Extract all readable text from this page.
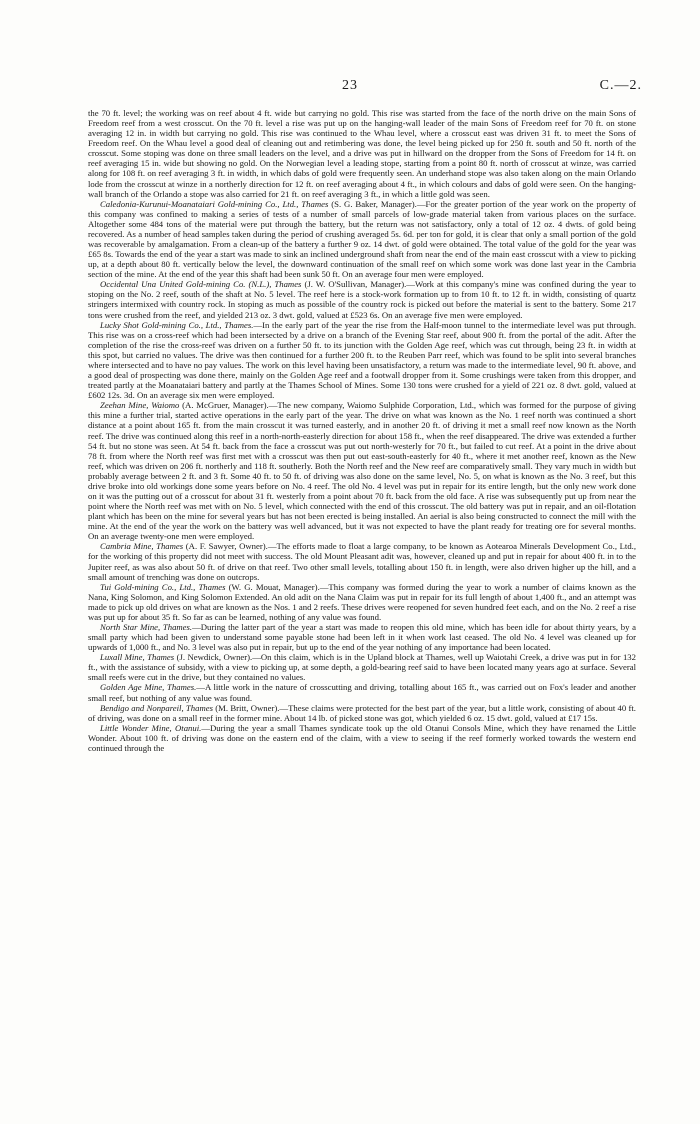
23	C.—2.

the 70 ft. level; the working was on reef about 4 ft. wide but carrying no gold. This rise was started from the face of the north drive on the main Sons of Freedom reef from a west crosscut. On the 70 ft. level a rise was put up on the hanging-wall leader of the main Sons of Freedom reef for 70 ft. on stone averaging 12 in. in width but carrying no gold. This rise was continued to the Whau level, where a crosscut east was driven 31 ft. to meet the Sons of Freedom reef. On the Whau level a good deal of cleaning out and retimbering was done, the level being picked up for 250 ft. south and 50 ft. north of the crosscut. Some stoping was done on three small leaders on the level, and a drive was put in hillward on the dropper from the Sons of Freedom for 14 ft. on reef averaging 15 in. wide but showing no gold. On the Norwegian level a leading stope, starting from a point 80 ft. north of crosscut at winze, was carried along for 108 ft. on reef averaging 3 ft. in width, in which dabs of gold were frequently seen. An underhand stope was also taken along on the main Orlando lode from the crosscut at winze in a northerly direction for 12 ft. on reef averaging about 4 ft., in which colours and dabs of gold were seen. On the hanging-wall branch of the Orlando a stope was also carried for 21 ft. on reef averaging 3 ft., in which a little gold was seen.

Caledonia-Kurunui-Moanataiari Gold-mining Co., Ltd., Thames (S. G. Baker, Manager).—For the greater portion of the year work on the property of this company was confined to making a series of tests of a number of small parcels of low-grade material taken from various places on the surface. Altogether some 484 tons of the material were put through the battery, but the return was not satisfactory, only a total of 12 oz. 4 dwts. of gold being recovered. As a number of head samples taken during the period of crushing averaged 5s. 6d. per ton for gold, it is clear that only a small portion of the gold was recoverable by amalgamation. From a clean-up of the battery a further 9 oz. 14 dwt. of gold were obtained. The total value of the gold for the year was £65 8s. Towards the end of the year a start was made to sink an inclined underground shaft from near the end of the main east crosscut with a view to picking up, at a depth about 80 ft. vertically below the level, the downward continuation of the small reef on which some work was done last year in the Cambria section of the mine. At the end of the year this shaft had been sunk 50 ft. On an average four men were employed.

Occidental Una United Gold-mining Co. (N.L.), Thames (J. W. O'Sullivan, Manager).—Work at this company's mine was confined during the year to stoping on the No. 2 reef, south of the shaft at No. 5 level. The reef here is a stock-work formation up to from 10 ft. to 12 ft. in width, consisting of quartz stringers intermixed with country rock. In stoping as much as possible of the country rock is picked out before the material is sent to the battery. Some 217 tons were crushed from the reef, and yielded 213 oz. 3 dwt. gold, valued at £523 6s. On an average five men were employed.

Lucky Shot Gold-mining Co., Ltd., Thames.—In the early part of the year the rise from the Half-moon tunnel to the intermediate level was put through. This rise was on a cross-reef which had been intersected by a drive on a branch of the Evening Star reef, about 900 ft. from the portal of the adit. After the completion of the rise the cross-reef was driven on a further 50 ft. to its junction with the Golden Age reef, which was cut through, being 23 ft. in width at this spot, but carried no values. The drive was then continued for a further 200 ft. to the Reuben Parr reef, which was found to be split into several branches where intersected and to have no pay values. The work on this level having been unsatisfactory, a return was made to the intermediate level, 90 ft. above, and a good deal of prospecting was done there, mainly on the Golden Age reef and a footwall dropper from it. Some crushings were taken from this dropper, and treated partly at the Moanataiari battery and partly at the Thames School of Mines. Some 130 tons were crushed for a yield of 221 oz. 8 dwt. gold, valued at £602 12s. 3d. On an average six men were employed.

Zeehan Mine, Waiomo (A. McGruer, Manager).—The new company, Waiomo Sulphide Corporation, Ltd., which was formed for the purpose of giving this mine a further trial, started active operations in the early part of the year. The drive on what was known as the No. 1 reef north was continued a short distance at a point about 165 ft. from the main crosscut it was turned easterly, and in another 20 ft. of driving it met a small reef now known as the North reef. The drive was continued along this reef in a north-north-easterly direction for about 158 ft., when the reef disappeared. The drive was extended a further 54 ft. but no stone was seen. At 54 ft. back from the face a crosscut was put out north-westerly for 70 ft., but failed to cut reef. At a point in the drive about 78 ft. from where the North reef was first met with a crosscut was then put out east-south-easterly for 40 ft., where it met another reef, known as the New reef, which was driven on 206 ft. northerly and 118 ft. southerly. Both the North reef and the New reef are comparatively small. They vary much in width but probably average between 2 ft. and 3 ft. Some 40 ft. to 50 ft. of driving was also done on the same level, No. 5, on what is known as the No. 3 reef, but this drive broke into old workings done some years before on No. 4 reef. The old No. 4 level was put in repair for its entire length, but the only new work done on it was the putting out of a crosscut for about 31 ft. westerly from a point about 70 ft. back from the old face. A rise was subsequently put up from near the point where the North reef was met with on No. 5 level, which connected with the end of this crosscut. The old battery was put in repair, and an oil-flotation plant which has been on the mine for several years but has not been erected is being installed. An aerial is also being constructed to connect the mill with the mine. At the end of the year the work on the battery was well advanced, but it was not expected to have the plant ready for treating ore for several months. On an average twenty-one men were employed.

Cambria Mine, Thames (A. F. Sawyer, Owner).—The efforts made to float a large company, to be known as Aotearoa Minerals Development Co., Ltd., for the working of this property did not meet with success. The old Mount Pleasant adit was, however, cleaned up and put in repair for about 400 ft. in to the Jupiter reef, as was also about 50 ft. of drive on that reef. Two other small levels, totalling about 150 ft. in length, were also driven higher up the hill, and a small amount of trenching was done on outcrops.

Tui Gold-mining Co., Ltd., Thames (W. G. Mouat, Manager).—This company was formed during the year to work a number of claims known as the Nana, King Solomon, and King Solomon Extended. An old adit on the Nana Claim was put in repair for its full length of about 1,400 ft., and an attempt was made to pick up old drives on what are known as the Nos. 1 and 2 reefs. These drives were reopened for seven hundred feet each, and on the No. 2 reef a rise was put up for about 35 ft. So far as can be learned, nothing of any value was found.

North Star Mine, Thames.—During the latter part of the year a start was made to reopen this old mine, which has been idle for about thirty years, by a small party which had been given to understand some payable stone had been left in it when work last ceased. The old No. 4 level was cleaned up for upwards of 1,000 ft., and No. 3 level was also put in repair, but up to the end of the year nothing of any importance had been located.

Luxall Mine, Thames (J. Newdick, Owner).—On this claim, which is in the Upland block at Thames, well up Waiotahi Creek, a drive was put in for 132 ft., with the assistance of subsidy, with a view to picking up, at some depth, a gold-bearing reef said to have been located many years ago at surface. Several small reefs were cut in the drive, but they contained no values.

Golden Age Mine, Thames.—A little work in the nature of crosscutting and driving, totalling about 165 ft., was carried out on Fox's leader and another small reef, but nothing of any value was found.

Bendigo and Nonpareil, Thames (M. Britt, Owner).—These claims were protected for the best part of the year, but a little work, consisting of about 40 ft. of driving, was done on a small reef in the former mine. About 14 lb. of picked stone was got, which yielded 6 oz. 15 dwt. gold, valued at £17 15s.

Little Wonder Mine, Otanui.—During the year a small Thames syndicate took up the old Otanui Consols Mine, which they have renamed the Little Wonder. About 100 ft. of driving was done on the eastern end of the claim, with a view to seeing if the reef formerly worked towards the western end continued through the
